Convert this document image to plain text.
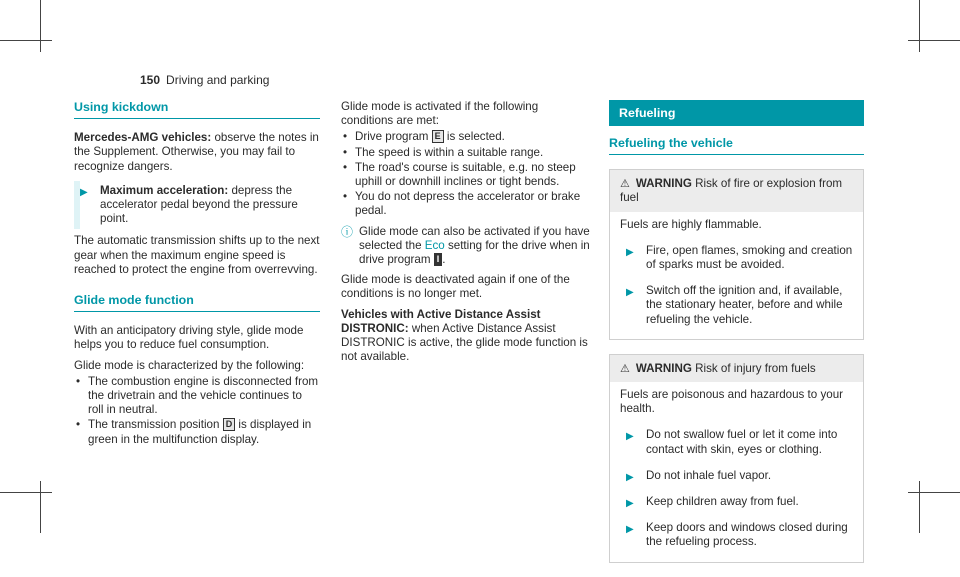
150 Driving and parking
Using kickdown

Mercedes-AMG vehicles: observe the notes in the Supplement. Otherwise, you may fail to recognize dangers.

▶ Maximum acceleration: depress the accelerator pedal beyond the pressure point.

The automatic transmission shifts up to the next gear when the maximum engine speed is reached to protect the engine from overrevving.

Glide mode function

With an anticipatory driving style, glide mode helps you to reduce fuel consumption.

Glide mode is characterized by the following:

• The combustion engine is disconnected from the drivetrain and the vehicle continues to roll in neutral.
• The transmission position D is displayed in green in the multifunction display.

Glide mode is activated if the following conditions are met:

• Drive program E is selected.
• The speed is within a suitable range.
• The road's course is suitable, e.g. no steep uphill or downhill inclines or tight bends.
• You do not depress the accelerator or brake pedal.
ⓘ Glide mode can also be activated if you have selected the Eco setting for the drive when in drive program I .

Glide mode is deactivated again if one of the conditions is no longer met.

Vehicles with Active Distance Assist DISTRONIC: when Active Distance Assist DISTRONIC is active, the glide mode function is not available.

Refueling
Refueling the vehicle
⚠ WARNING Risk of fire or explosion from fuel
Fuels are highly flammable.
▶ Fire, open flames, smoking and creation of sparks must be avoided.
▶ Switch off the ignition and, if available, the stationary heater, before and while refueling the vehicle.
⚠ WARNING Risk of injury from fuels
Fuels are poisonous and hazardous to your health.
▶ Do not swallow fuel or let it come into contact with skin, eyes or clothing.
▶ Do not inhale fuel vapor.
▶ Keep children away from fuel.
▶ Keep doors and windows closed during the refueling process.
